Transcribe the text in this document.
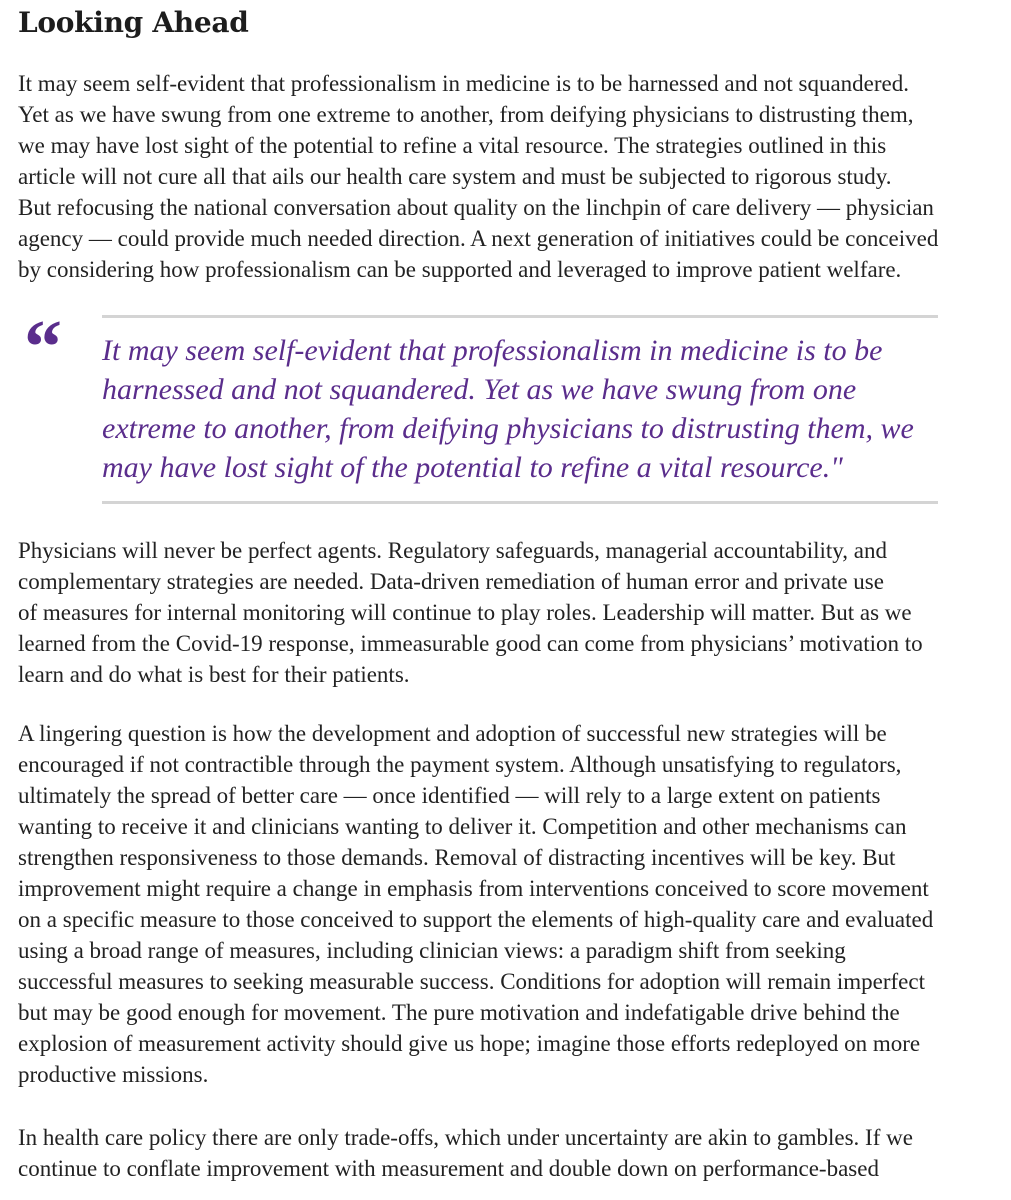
Looking Ahead

It may seem self-evident that professionalism in medicine is to be harnessed and not squandered.
Yet as we have swung from one extreme to another, from deifying physicians to distrusting them,
we may have lost sight of the potential to refine a vital resource. The strategies outlined in this
article will not cure all that ails our health care system and must be subjected to rigorous study.
But refocusing the national conversation about quality on the linchpin of care delivery — physician
agency — could provide much needed direction. A next generation of initiatives could be conceived
by considering how professionalism can be supported and leveraged to improve patient welfare.

“ It may seem self-evident that professionalism in medicine is to be
harnessed and not squandered. Yet as we have swung from one
extreme to another, from deifying physicians to distrusting them, we
may have lost sight of the potential to refine a vital resource."

Physicians will never be perfect agents. Regulatory safeguards, managerial accountability, and
complementary strategies are needed. Data-driven remediation of human error and private use
of measures for internal monitoring will continue to play roles. Leadership will matter. But as we
learned from the Covid-19 response, immeasurable good can come from physicians’ motivation to
learn and do what is best for their patients.

A lingering question is how the development and adoption of successful new strategies will be
encouraged if not contractible through the payment system. Although unsatisfying to regulators,
ultimately the spread of better care — once identified — will rely to a large extent on patients
wanting to receive it and clinicians wanting to deliver it. Competition and other mechanisms can
strengthen responsiveness to those demands. Removal of distracting incentives will be key. But
improvement might require a change in emphasis from interventions conceived to score movement
on a specific measure to those conceived to support the elements of high-quality care and evaluated
using a broad range of measures, including clinician views: a paradigm shift from seeking
successful measures to seeking measurable success. Conditions for adoption will remain imperfect
but may be good enough for movement. The pure motivation and indefatigable drive behind the
explosion of measurement activity should give us hope; imagine those efforts redeployed on more
productive missions.

In health care policy there are only trade-offs, which under uncertainty are akin to gambles. If we
continue to conflate improvement with measurement and double down on performance-based
